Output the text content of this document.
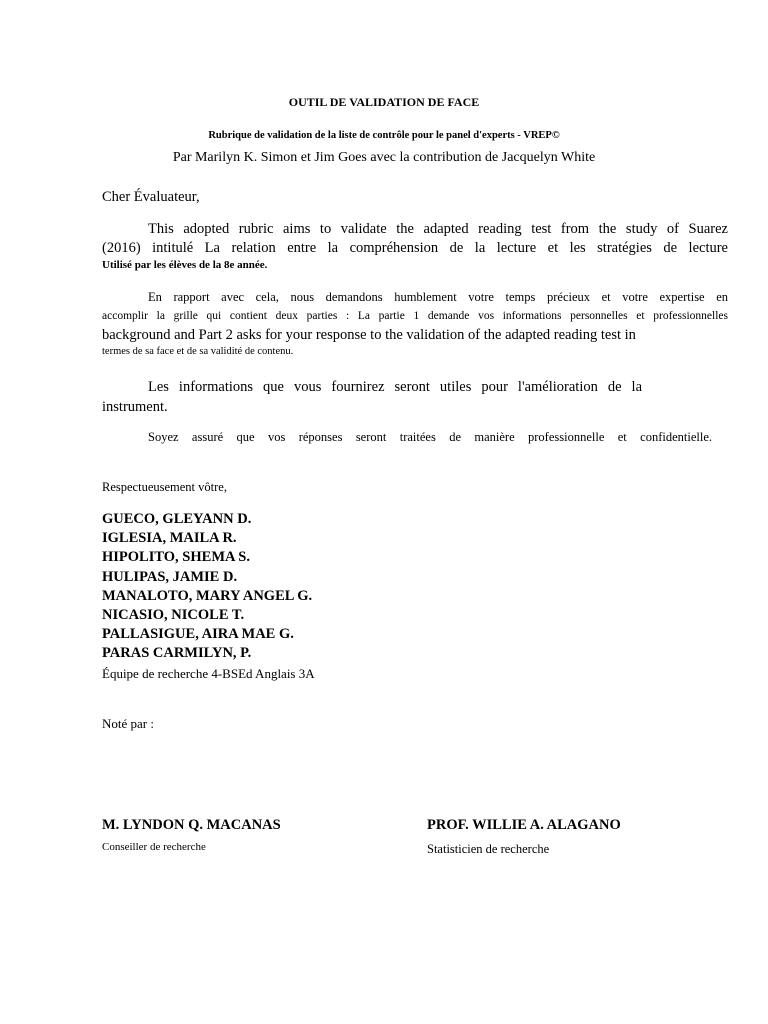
OUTIL DE VALIDATION DE FACE
Rubrique de validation de la liste de contrôle pour le panel d'experts - VREP©
Par Marilyn K. Simon et Jim Goes avec la contribution de Jacquelyn White
Cher Évaluateur,
This adopted rubric aims to validate the adapted reading test from the study of Suarez
(2016) intitulé La relation entre la compréhension de la lecture et les stratégies de lecture
Utilisé par les élèves de la 8e année.
En rapport avec cela, nous demandons humblement votre temps précieux et votre expertise en
accomplir la grille qui contient deux parties : La partie 1 demande vos informations personnelles et professionnelles
background and Part 2 asks for your response to the validation of the adapted reading test in
termes de sa face et de sa validité de contenu.
Les informations que vous fournirez seront utiles pour l'amélioration de la
instrument.
Soyez assuré que vos réponses seront traitées de manière professionnelle et confidentielle.
Respectueusement vôtre,
GUECO, GLEYANN D.
IGLESIA, MAILA R.
HIPOLITO, SHEMA S.
HULIPAS, JAMIE D.
MANALOTO, MARY ANGEL G.
NICASIO, NICOLE T.
PALLASIGUE, AIRA MAE G.
PARAS CARMILYN, P.
Équipe de recherche 4-BSEd Anglais 3A
Noté par :
M. LYNDON Q. MACANAS
Conseiller de recherche
PROF. WILLIE A. ALAGANO
Statisticien de recherche
